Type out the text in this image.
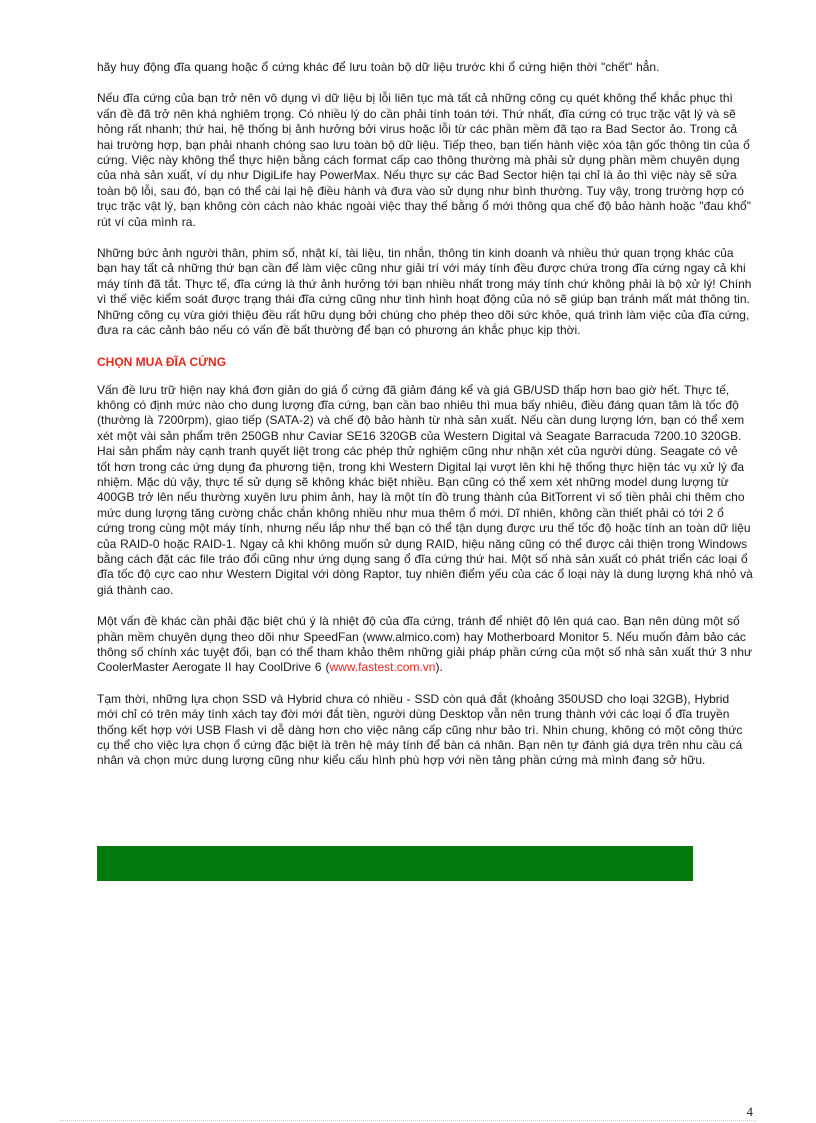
hãy huy động đĩa quang hoặc ổ cứng khác để lưu toàn bộ dữ liệu trước khi ổ cứng hiện thời "chết" hẳn.

Nếu đĩa cứng của bạn trở nên vô dụng vì dữ liệu bị lỗi liên tục mà tất cả những công cụ quét không thể khắc phục thì vấn đề đã trở nên khá nghiêm trọng. Có nhiều lý do cần phải tính toán tới. Thứ nhất, đĩa cứng có trục trặc vật lý và sẽ hỏng rất nhanh; thứ hai, hệ thống bị ảnh hưởng bởi virus hoặc lỗi từ các phần mềm đã tạo ra Bad Sector ảo. Trong cả hai trường hợp, bạn phải nhanh chóng sao lưu toàn bộ dữ liệu. Tiếp theo, bạn tiến hành việc xóa tận gốc thông tin của ổ cứng. Việc này không thể thực hiện bằng cách format cấp cao thông thường mà phải sử dụng phần mềm chuyên dụng của nhà sản xuất, ví dụ như DigiLife hay PowerMax. Nếu thực sự các Bad Sector hiện tại chỉ là ảo thì việc này sẽ sửa toàn bộ lỗi, sau đó, bạn có thể cài lại hệ điều hành và đưa vào sử dụng như bình thường. Tuy vậy, trong trường hợp có trục trặc vật lý, bạn không còn cách nào khác ngoài việc thay thế bằng ổ mới thông qua chế độ bảo hành hoặc "đau khổ" rút ví của mình ra.

Những bức ảnh người thân, phim số, nhật kí, tài liệu, tin nhắn, thông tin kinh doanh và nhiều thứ quan trọng khác của bạn hay tất cả những thứ bạn cần để làm việc cũng như giải trí với máy tính đều được chứa trong đĩa cứng ngay cả khi máy tính đã tắt. Thực tế, đĩa cứng là thứ ảnh hưởng tới bạn nhiều nhất trong máy tính chứ không phải là bộ xử lý! Chính vì thế việc kiểm soát được trạng thái đĩa cứng cũng như tình hình hoạt động của nó sẽ giúp bạn tránh mất mát thông tin. Những công cụ vừa giới thiệu đều rất hữu dụng bởi chúng cho phép theo dõi sức khỏe, quá trình làm việc của đĩa cứng, đưa ra các cảnh báo nếu có vấn đề bất thường để bạn có phương án khắc phục kịp thời.

CHỌN MUA ĐĨA CỨNG

Vấn đề lưu trữ hiện nay khá đơn giản do giá ổ cứng đã giảm đáng kể và giá GB/USD thấp hơn bao giờ hết. Thực tế, không có định mức nào cho dung lượng đĩa cứng, bạn cần bao nhiêu thì mua bấy nhiêu, điều đáng quan tâm là tốc độ (thường là 7200rpm), giao tiếp (SATA-2) và chế độ bảo hành từ nhà sản xuất. Nếu cần dung lượng lớn, bạn có thể xem xét một vài sản phẩm trên 250GB như Caviar SE16 320GB của Western Digital và Seagate Barracuda 7200.10 320GB. Hai sản phẩm này cạnh tranh quyết liệt trong các phép thử nghiệm cũng như nhận xét của người dùng. Seagate có vẻ tốt hơn trong các ứng dụng đa phương tiện, trong khi Western Digital lại vượt lên khi hệ thống thực hiện tác vụ xử lý đa nhiệm. Mặc dù vậy, thực tế sử dụng sẽ không khác biệt nhiều. Bạn cũng có thể xem xét những model dung lượng từ 400GB trở lên nếu thường xuyên lưu phim ảnh, hay là một tín đồ trung thành của BitTorrent vì số tiền phải chi thêm cho mức dung lượng tăng cường chắc chắn không nhiều như mua thêm ổ mới. Dĩ nhiên, không cần thiết phải có tới 2 ổ cứng trong cùng một máy tính, nhưng nếu lắp như thế bạn có thể tận dụng được ưu thế tốc độ hoặc tính an toàn dữ liệu của RAID-0 hoặc RAID-1. Ngay cả khi không muốn sử dụng RAID, hiệu năng cũng có thể được cải thiện trong Windows bằng cách đặt các file tráo đổi cũng như ứng dụng sang ổ đĩa cứng thứ hai. Một số nhà sản xuất có phát triển các loại ổ đĩa tốc độ cực cao như Western Digital với dòng Raptor, tuy nhiên điểm yếu của các ổ loại này là dung lượng khá nhỏ và giá thành cao.

Một vấn đề khác cần phải đặc biệt chú ý là nhiệt độ của đĩa cứng, tránh để nhiệt độ lên quá cao. Bạn nên dùng một số phần mềm chuyên dụng theo dõi như SpeedFan (www.almico.com) hay Motherboard Monitor 5. Nếu muốn đảm bảo các thông số chính xác tuyệt đối, bạn có thể tham khảo thêm những giải pháp phần cứng của một số nhà sản xuất thứ 3 như CoolerMaster Aerogate II hay CoolDrive 6 (www.fastest.com.vn).

Tạm thời, những lựa chọn SSD và Hybrid chưa có nhiều - SSD còn quá đắt (khoảng 350USD cho loại 32GB), Hybrid mới chỉ có trên máy tính xách tay đời mới đắt tiền, người dùng Desktop vẫn nên trung thành với các loại ổ đĩa truyền thống kết hợp với USB Flash vì dễ dàng hơn cho việc nâng cấp cũng như bảo trì. Nhìn chung, không có một công thức cụ thể cho việc lựa chọn ổ cứng đặc biệt là trên hệ máy tính để bàn cá nhân. Bạn nên tự đánh giá dựa trên nhu cầu cá nhân và chọn mức dung lượng cũng như kiểu cấu hình phù hợp với nền tảng phần cứng mà mình đang sở hữu.

4
